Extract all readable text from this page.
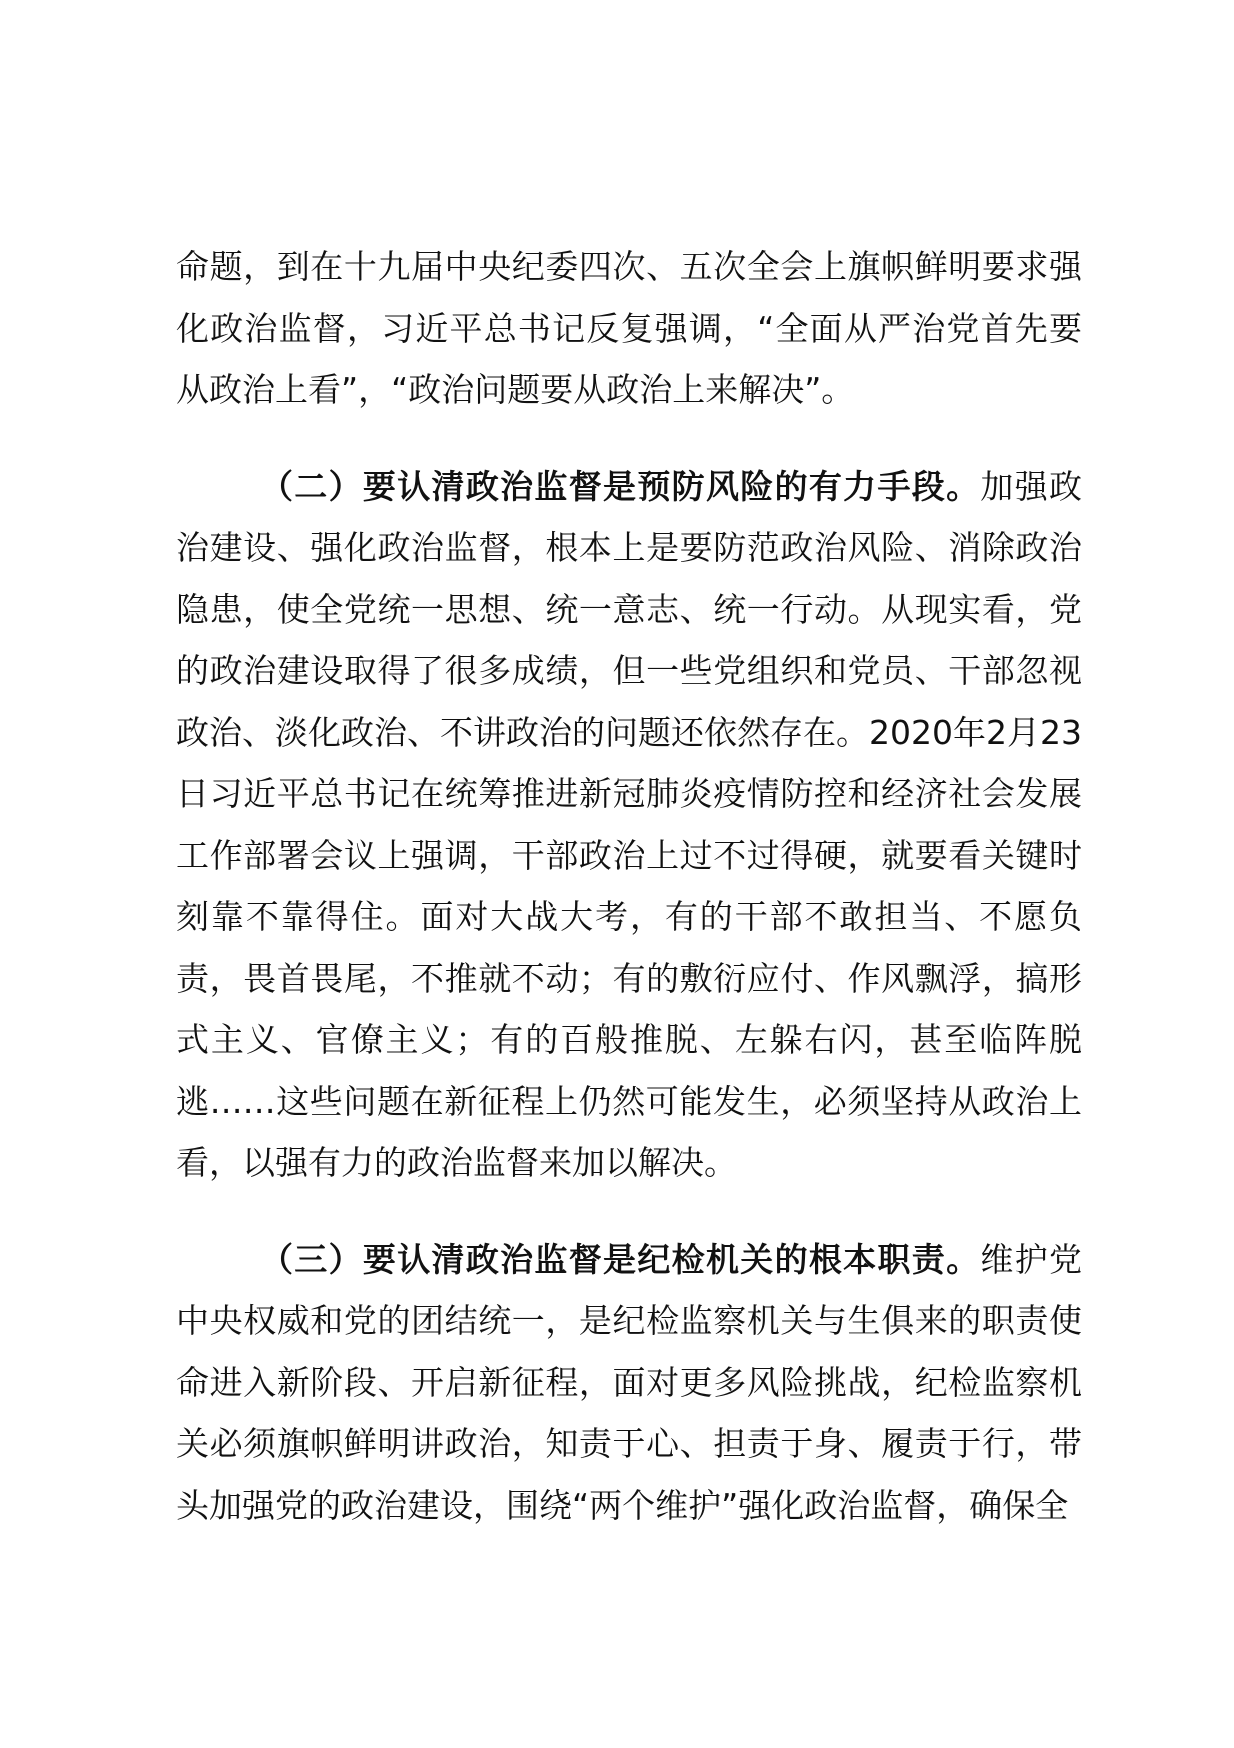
命题，到在十九届中央纪委四次、五次全会上旗帜鲜明要求强化政治监督，习近平总书记反复强调，“全面从严治党首先要从政治上看”，“政治问题要从政治上来解决”。

（二）要认清政治监督是预防风险的有力手段。加强政治建设、强化政治监督，根本上是要防范政治风险、消除政治隐患，使全党统一思想、统一意志、统一行动。从现实看，党的政治建设取得了很多成绩，但一些党组织和党员、干部忽视政治、淡化政治、不讲政治的问题还依然存在。2020年2月23日习近平总书记在统筹推进新冠肺炎疫情防控和经济社会发展工作部署会议上强调，干部政治上过不过得硬，就要看关键时刻靠不靠得住。面对大战大考，有的干部不敢担当、不愿负责，畏首畏尾，不推就不动；有的敷衍应付、作风飘浮，搞形式主义、官僚主义；有的百般推脱、左躲右闪，甚至临阵脱逃……这些问题在新征程上仍然可能发生，必须坚持从政治上看，以强有力的政治监督来加以解决。

（三）要认清政治监督是纪检机关的根本职责。维护党中央权威和党的团结统一，是纪检监察机关与生俱来的职责使命进入新阶段、开启新征程，面对更多风险挑战，纪检监察机关必须旗帜鲜明讲政治，知责于心、担责于身、履责于行，带头加强党的政治建设，围绕“两个维护”强化政治监督，确保全
